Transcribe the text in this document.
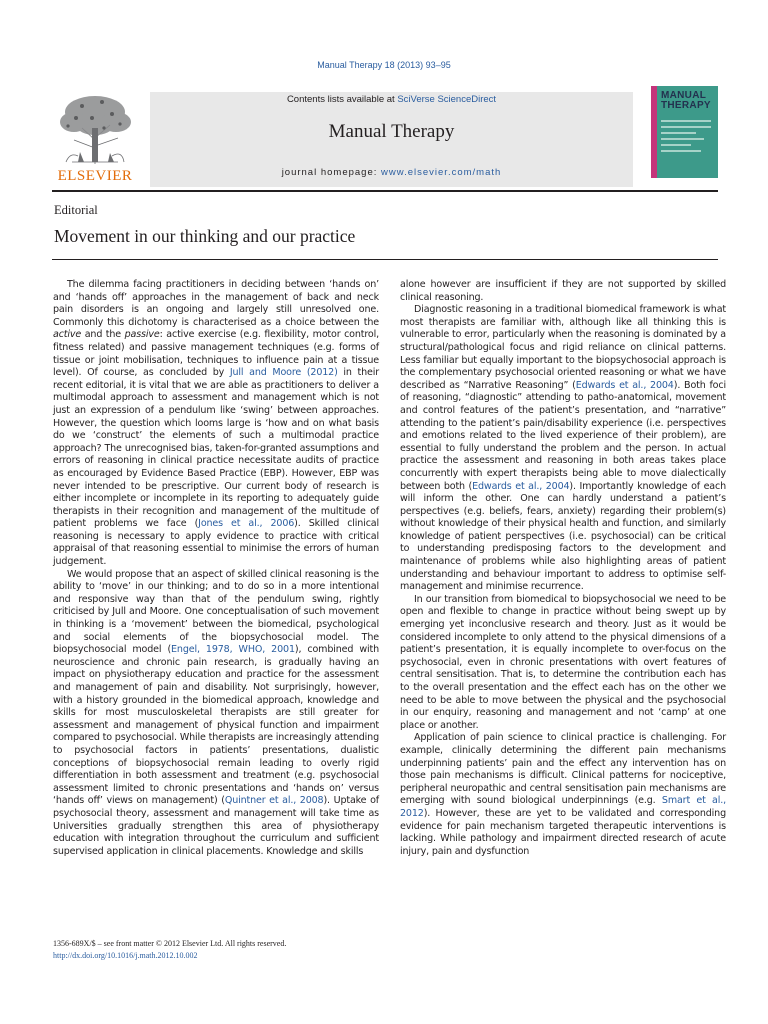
Manual Therapy 18 (2013) 93–95
ELSEVIER
Contents lists available at SciVerse ScienceDirect
Manual Therapy
journal homepage: www.elsevier.com/math
MANUAL
THERAPY
Editorial
Movement in our thinking and our practice

The dilemma facing practitioners in deciding between ‘hands on’ and ‘hands off’ approaches in the management of back and neck pain disorders is an ongoing and largely still unresolved one. Commonly this dichotomy is characterised as a choice between the active and the passive: active exercise (e.g. flexibility, motor control, fitness related) and passive management techniques (e.g. forms of tissue or joint mobilisation, techniques to influence pain at a tissue level). Of course, as concluded by Jull and Moore (2012) in their recent editorial, it is vital that we are able as practitioners to deliver a multimodal approach to assessment and management which is not just an expression of a pendulum like ‘swing’ between approaches. However, the question which looms large is ‘how and on what basis do we ‘construct’ the elements of such a multimodal practice approach? The unrecognised bias, taken-for-granted assumptions and errors of reasoning in clinical practice necessitate audits of practice as encouraged by Evidence Based Practice (EBP). However, EBP was never intended to be prescriptive. Our current body of research is either incomplete or incomplete in its reporting to adequately guide therapists in their recognition and management of the multitude of patient problems we face (Jones et al., 2006). Skilled clinical reasoning is necessary to apply evidence to practice with critical appraisal of that reasoning essential to minimise the errors of human judgement.

We would propose that an aspect of skilled clinical reasoning is the ability to ‘move’ in our thinking; and to do so in a more intentional and responsive way than that of the pendulum swing, rightly criticised by Jull and Moore. One conceptualisation of such movement in thinking is a ‘movement’ between the biomedical, psychological and social elements of the biopsychosocial model. The biopsychosocial model (Engel, 1978, WHO, 2001), combined with neuroscience and chronic pain research, is gradually having an impact on physiotherapy education and practice for the assessment and management of pain and disability. Not surprisingly, however, with a history grounded in the biomedical approach, knowledge and skills for most musculoskeletal therapists are still greater for assessment and management of physical function and impairment compared to psychosocial. While therapists are increasingly attending to psychosocial factors in patients’ presentations, dualistic conceptions of biopsychosocial remain leading to overly rigid differentiation in both assessment and treatment (e.g. psychosocial assessment limited to chronic presentations and ‘hands on’ versus ‘hands off’ views on management) (Quintner et al., 2008). Uptake of psychosocial theory, assessment and management will take time as Universities gradually strengthen this area of physiotherapy education with integration throughout the curriculum and sufficient supervised application in clinical placements. Knowledge and skills

alone however are insufficient if they are not supported by skilled clinical reasoning.

Diagnostic reasoning in a traditional biomedical framework is what most therapists are familiar with, although like all thinking this is vulnerable to error, particularly when the reasoning is dominated by a structural/pathological focus and rigid reliance on clinical patterns. Less familiar but equally important to the biopsychosocial approach is the complementary psychosocial oriented reasoning or what we have described as “Narrative Reasoning” (Edwards et al., 2004). Both foci of reasoning, “diagnostic” attending to patho-anatomical, movement and control features of the patient’s presentation, and “narrative” attending to the patient’s pain/disability experience (i.e. perspectives and emotions related to the lived experience of their problem), are essential to fully understand the problem and the person. In actual practice the assessment and reasoning in both areas takes place concurrently with expert therapists being able to move dialectically between both (Edwards et al., 2004). Importantly knowledge of each will inform the other. One can hardly understand a patient’s perspectives (e.g. beliefs, fears, anxiety) regarding their problem(s) without knowledge of their physical health and function, and similarly knowledge of patient perspectives (i.e. psychosocial) can be critical to understanding predisposing factors to the development and maintenance of problems while also highlighting areas of patient understanding and behaviour important to address to optimise self-management and minimise recurrence.

In our transition from biomedical to biopsychosocial we need to be open and flexible to change in practice without being swept up by emerging yet inconclusive research and theory. Just as it would be considered incomplete to only attend to the physical dimensions of a patient’s presentation, it is equally incomplete to over-focus on the psychosocial, even in chronic presentations with overt features of central sensitisation. That is, to determine the contribution each has to the overall presentation and the effect each has on the other we need to be able to move between the physical and the psychosocial in our enquiry, reasoning and management and not ‘camp’ at one place or another.

Application of pain science to clinical practice is challenging. For example, clinically determining the different pain mechanisms underpinning patients’ pain and the effect any intervention has on those pain mechanisms is difficult. Clinical patterns for nociceptive, peripheral neuropathic and central sensitisation pain mechanisms are emerging with sound biological underpinnings (e.g. Smart et al., 2012). However, these are yet to be validated and corresponding evidence for pain mechanism targeted therapeutic interventions is lacking. While pathology and impairment directed research of acute injury, pain and dysfunction

1356-689X/$ – see front matter © 2012 Elsevier Ltd. All rights reserved.
http://dx.doi.org/10.1016/j.math.2012.10.002
